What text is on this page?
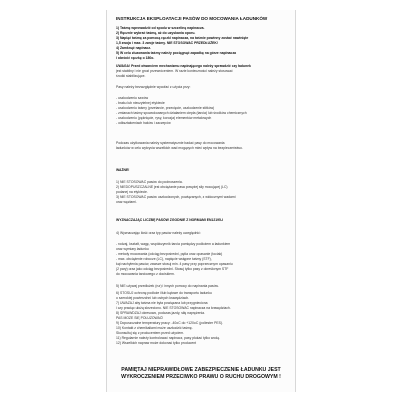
INSTRUKCJA EKSPLOATACJI PASÓW DO MOCOWANIA ŁADUNKÓW
1) Taśmę wprowadzić od spodu w szczelinę napinacza.
2) Ręcznie wybrać taśmę, aż do uzyskania oporu.
3) Napiąć taśmę za pomocą rączki napinacza, na taśmie powinny zostać nawinięte
1,5 zwoja i max. 3 zwoje taśmy. NIE STOSOWAĆ PRZEDŁUŻEK!
4) Zamknąć napinacz.
5) W celu zluzowania taśmy należy pociągnąć zapadkę na górze napinacza
i obrócić rączkę o 180o.
UWAGA! Przed otwarciem mechanizmu napinającego należy sprawdzić czy ładunek
jest stabilny i nie grozi przewróceniem. W razie konieczności należy stosować
środki stabilizujące.
Pasy należy bezwzględnie wycofać z użycia przy:
- uszkodzeniu szwów
- braku lub nieczytelnej etykiecie
- uszkodzeniu taśmy (przetarcie, przecięcie, uszkodzenie stitków)
- zmianach taśmy spowodowanych działaniem ciepła (tarcia) lub środków chemicznych
- uszkodzeniu (pęknięcie, rysy, korozja) elementów metalowych
- odkształceniach haków i zaczepów
Podczas użytkowania należy systematycznie badać pasy do mocowania
ładunków w celu wykrycia wszelkich wad mogących mieć wpływ na bezpieczeństwo.
WAŻNE!
1) NIE STOSOWAĆ pasów do podnoszenia.
2) NIEDOPUSZCZALNE jest obciążanie pasa powyżej siły mocującej (LC)
podanej na etykiecie.
3) NIE STOSOWAĆ pasów uszkodzonych, powiązanych, z widocznymi wadami
oraz węzłami.
WYZNACZAJĄC LICZBĘ PASÓW ZGODNIE Z NORMAMI EN12195-I
4) Wyznaczając ilość oraz typ pasów należy uwzględnić:
- rodzaj, kształt, wagę, współczynnik tarcia pomiędzy podłożem a ładunkiem
oraz wymiary ładunku
- metody mocowania (odciąg bezpośredni, pętla oraz opasanie (tociak)
- max. obciążenie robocze (LC), napięcie wstępne taśmy (STF),
kąt nachylenia pasów, zawsze stosuj min. 4 pasy przy poprzecznym opasaniu
(2 pary) oraz jako odciąg bezpośredni. Stosuj tylko pasy z określonym STF
do mocowania tarciowego z dociskiem.
5) NIE używaj przedłużek (rur) i innych pomocy do napinania pasów.
6) STOSUJ ochronę podłoże i/lub kątowe do transportu ładunku
o szerokiej powierzchni lub ostrych krawędziach.
7) UWAŻAJ aby taśma nie była powiązana lub przygnieciona
i czy praciąc ułożą skrzeciono. NIE STOSOWAĆ napinacza na krawędziach.
8) SPRAWDZAJ okresowo, podczas jazdy, siłę naprężenia.
PAS MOŻE SIĘ POLUZOWAĆ!
9) Dopuszczalne temperatury pracy: -40oC do +120oC (poliester PES).
10) Kontakt z chemikaliami może uszkodzić taśmę.
Skonsultuj się z producentem przed użyciem.
11) Regularnie należy kontrolować napinacz, pasy płukać tylko wodą.
12) Wszelkich napraw może dokonać tylko producent
PAMIĘTAJ NIEPRAWIDŁOWE ZABEZPIECZENIE ŁADUNKU JEST
WYKROCZENIEM PRZECIWKO PRAWU O RUCHU DROGOWYM !
